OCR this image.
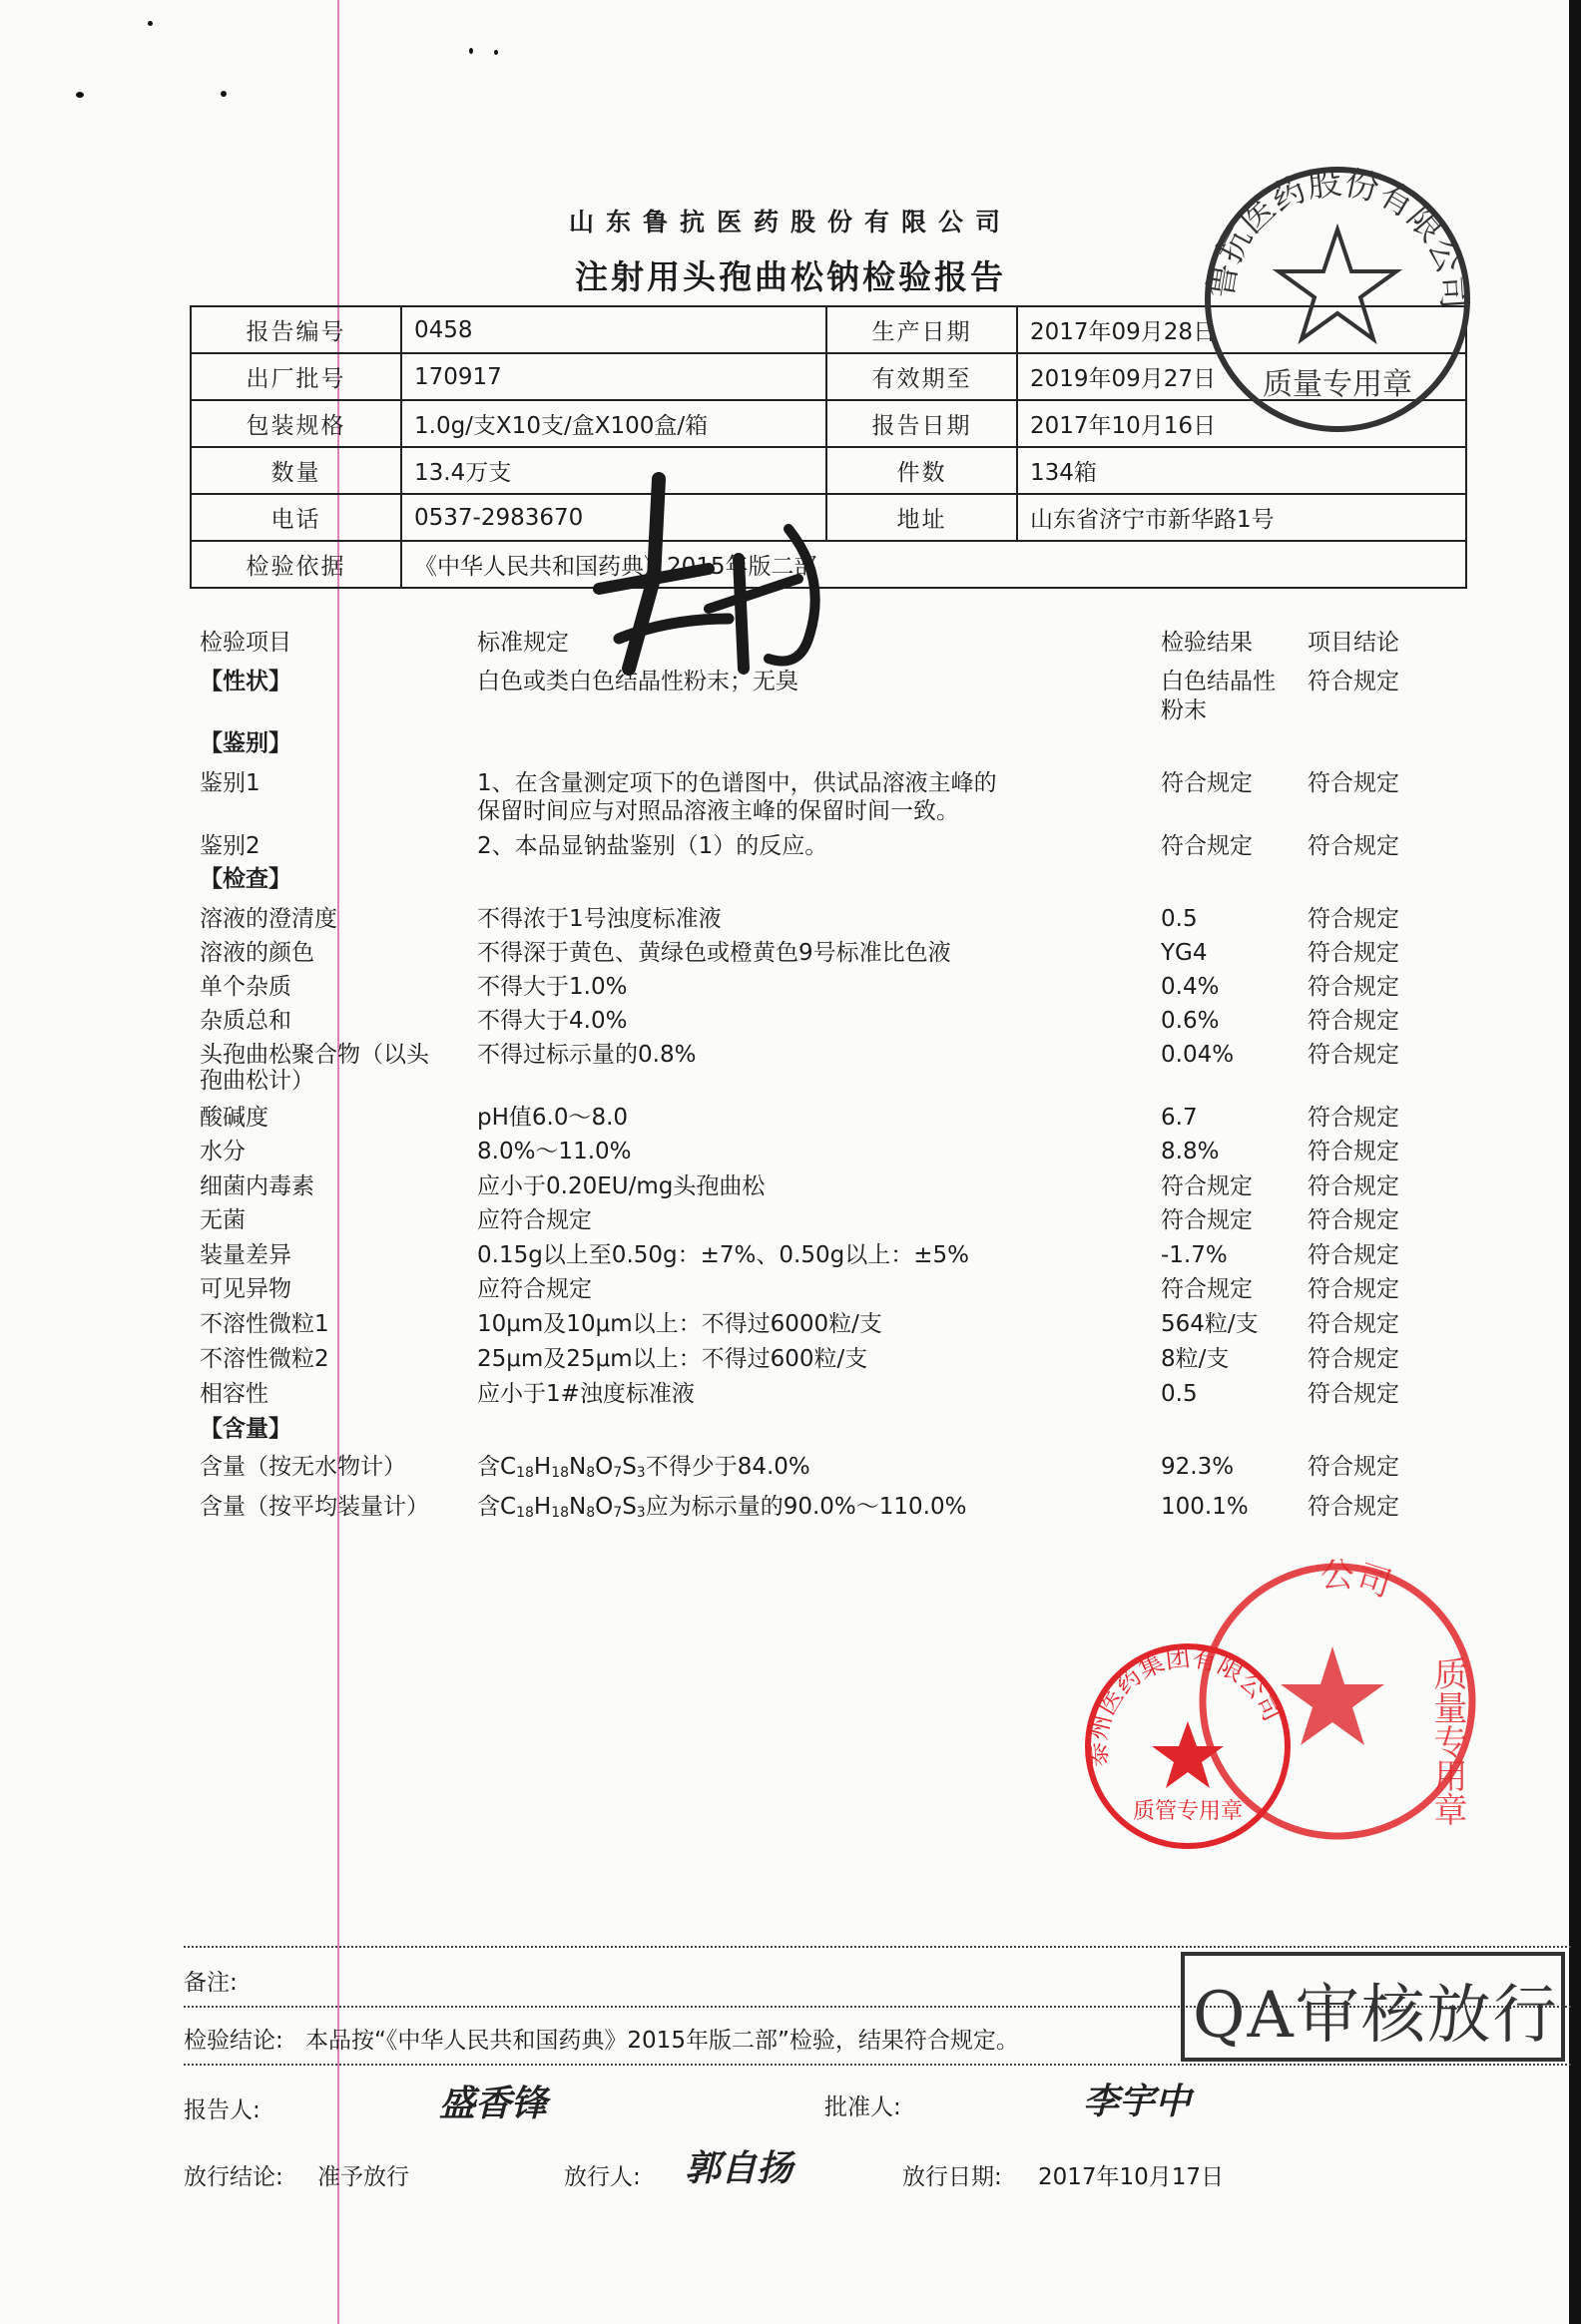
山东鲁抗医药股份有限公司
注射用头孢曲松钠检验报告
报告编号	0458	生产日期	2017年09月28日
出厂批号	170917	有效期至	2019年09月27日
包装规格	1.0g/支X10支/盒X100盒/箱	报告日期	2017年10月16日
数量	13.4万支	件数	134箱
电话	0537-2983670	地址	山东省济宁市新华路1号
检验依据	《中华人民共和国药典》2015年版二部		
检验项目	标准规定	检验结果	项目结论
【性状】	白色或类白色结晶性粉末；无臭	白色结晶性	符合规定
粉末
【鉴别】
鉴别1	1、在含量测定项下的色谱图中，供试品溶液主峰的	符合规定	符合规定
保留时间应与对照品溶液主峰的保留时间一致。
鉴别2	2、本品显钠盐鉴别（1）的反应。	符合规定	符合规定
【检查】
溶液的澄清度	不得浓于1号浊度标准液	0.5	符合规定
溶液的颜色	不得深于黄色、黄绿色或橙黄色9号标准比色液	YG4	符合规定
单个杂质	不得大于1.0%	0.4%	符合规定
杂质总和	不得大于4.0%	0.6%	符合规定
头孢曲松聚合物（以头	不得过标示量的0.8%	0.04%	符合规定
孢曲松计）
酸碱度	pH值6.0～8.0	6.7	符合规定
水分	8.0%～11.0%	8.8%	符合规定
细菌内毒素	应小于0.20EU/mg头孢曲松	符合规定	符合规定
无菌	应符合规定	符合规定	符合规定
装量差异	0.15g以上至0.50g：±7%、0.50g以上：±5%	-1.7%	符合规定
可见异物	应符合规定	符合规定	符合规定
不溶性微粒1	10μm及10μm以上：不得过6000粒/支	564粒/支	符合规定
不溶性微粒2	25μm及25μm以上：不得过600粒/支	8粒/支	符合规定
相容性	应小于1#浊度标准液	0.5	符合规定
【含量】
含量（按无水物计）	含$C_{18}H_{18}N_8O_7S_3$不得少于84.0%	92.3%	符合规定
含量（按平均装量计）	含$C_{18}H_{18}N_8O_7S_3$应为标示量的90.0%～110.0%	100.1%	符合规定
鲁抗医药股份有限公司
质量专用章
公司
质量专用章
泰州医药集团有限公司
质管专用章
备注:
检验结论: 本品按“《中华人民共和国药典》2015年版二部”检验，结果符合规定。	QA审核放行
报告人:	盛香锋	批准人:	李宇中
放行结论: 准予放行	放行人: 郭自扬	放行日期: 2017年10月17日
